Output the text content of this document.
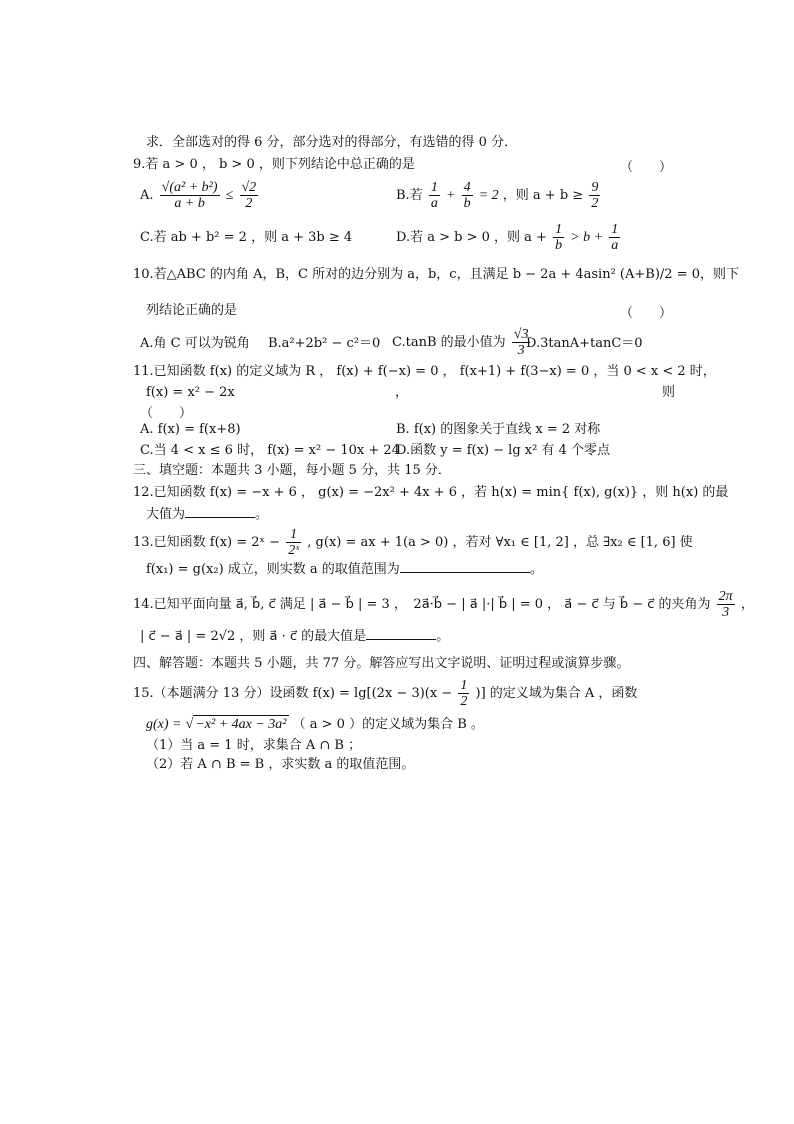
求．全部选对的得 6 分，部分选对的得部分，有选错的得 0 分．
9.若 a > 0 ， b > 0 ，则下列结论中总正确的是	（　　）
A. $\frac{\text{√(a² + b²)}}{a + b} \le \frac{√2}{2}$	B.若 $\frac{1}{a} + \frac{4}{b} = 2$ ，则 $a + b \ge \frac{9}{2}$
C.若 ab + b² = 2 ，则 a + 3b ≥ 4	D.若 a > b > 0 ，则 $a + \frac{1}{b} > b + \frac{1}{a}$
10.若△ABC 的内角 A，B，C 所对的边分别为 a，b，c，且满足 b − 2a + 4asin² (A+B)/2 = 0，则下
列结论正确的是	（　　）
A.角 C 可以为锐角 B.a²+2b² − c²＝0 C.tanB 的最小值为 $\frac{√3}{3}$
D.3tanA+tanC＝0
11.已知函数 f(x) 的定义域为 R ， f(x) + f(−x) = 0 ， f(x+1) + f(3−x) = 0 ，当 0 < x < 2 时，
f(x) = x² − 2x	，	则
（　　）
A. f(x) = f(x+8)	B. f(x) 的图象关于直线 x = 2 对称
C.当 4 < x ≤ 6 时， f(x) = x² − 10x + 24
D.函数 y = f(x) − lg x² 有 4 个零点
三、填空题：本题共 3 小题，每小题 5 分，共 15 分．
12.已知函数 f(x) = −x + 6 ， g(x) = −2x² + 4x + 6 ，若 h(x) = min{ f(x), g(x)} ，则 h(x) 的最
大值为	。
13.已知函数 f(x) = 2ˣ − $\frac{1}{\text{2ˣ}}$ , g(x) = ax + 1(a > 0) ，若对 ∀x₁ ∈ [1, 2] ，总 ∃x₂ ∈ [1, 6] 使
f(x₁) = g(x₂) 成立，则实数 a 的取值范围为	。
14.已知平面向量 a⃗, b⃗, c⃗ 满足 | a⃗ − b⃗ | = 3 ，　2a⃗·b⃗ − | a⃗ |·| b⃗ | = 0 ， a⃗ − c⃗ 与 b⃗ − c⃗ 的夹角为 $\frac{2\pi}{3}$ ，
| c⃗ − a⃗ | = 2√2 ，则 a⃗ · c⃗ 的最大值是	。
四、解答题：本题共 5 小题，共 77 分。解答应写出文字说明、证明过程或演算步骤。
15.（本题满分 13 分）设函数 $f(x) = \lg[(2x - 3)(x - \frac{1}{2}$ )] 的定义域为集合 A ，函数
g(x) = √ −x² + 4ax − 3a² （ a > 0 ）的定义域为集合 B 。
（1）当 a = 1 时，求集合 A ∩ B ；
（2）若 A ∩ B = B ，求实数 a 的取值范围。
